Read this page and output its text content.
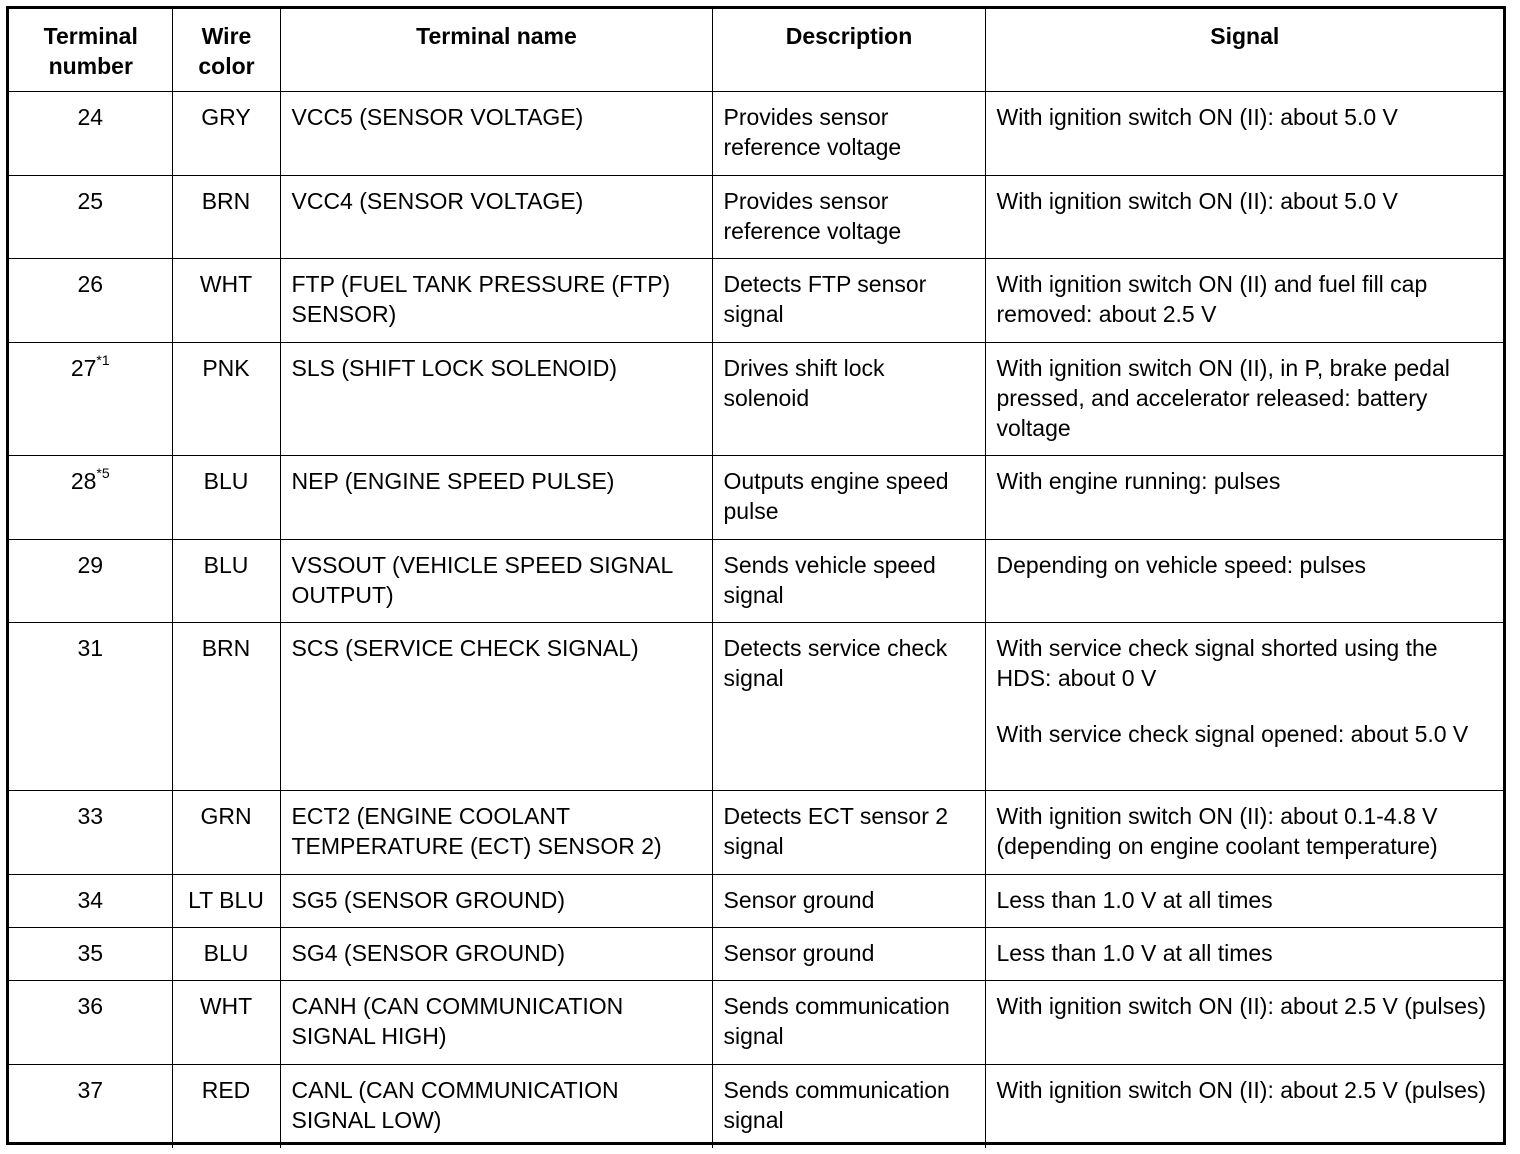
Terminal number	Wire color	Terminal name	Description	Signal
24	GRY	VCC5 (SENSOR VOLTAGE)	Provides sensor reference voltage	With ignition switch ON (II): about 5.0 V

25	BRN	VCC4 (SENSOR VOLTAGE)	Provides sensor reference voltage	With ignition switch ON (II): about 5.0 V

26	WHT	FTP (FUEL TANK PRESSURE (FTP) SENSOR)	Detects FTP sensor signal	With ignition switch ON (II) and fuel fill cap removed: about 2.5 V

27$^{*1}$	PNK	SLS (SHIFT LOCK SOLENOID)	Drives shift lock solenoid	With ignition switch ON (II), in P, brake pedal pressed, and accelerator released: battery voltage

28$^{*5}$	BLU	NEP (ENGINE SPEED PULSE)	Outputs engine speed pulse	With engine running: pulses

29	BLU	VSSOUT (VEHICLE SPEED SIGNAL OUTPUT)	Sends vehicle speed signal	Depending on vehicle speed: pulses

31	BRN	SCS (SERVICE CHECK SIGNAL)	Detects service check signal	With service check signal shorted using the HDS: about 0 V
With service check signal opened: about 5.0 V

33	GRN	ECT2 (ENGINE COOLANT TEMPERATURE (ECT) SENSOR 2)	Detects ECT sensor 2 signal	With ignition switch ON (II): about 0.1-4.8 V (depending on engine coolant temperature)

34	LT BLU	SG5 (SENSOR GROUND)	Sensor ground	Less than 1.0 V at all times

35	BLU	SG4 (SENSOR GROUND)	Sensor ground	Less than 1.0 V at all times

36	WHT	CANH (CAN COMMUNICATION SIGNAL HIGH)	Sends communication signal	With ignition switch ON (II): about 2.5 V (pulses)

37	RED	CANL (CAN COMMUNICATION SIGNAL LOW)	Sends communication signal	With ignition switch ON (II): about 2.5 V (pulses)
